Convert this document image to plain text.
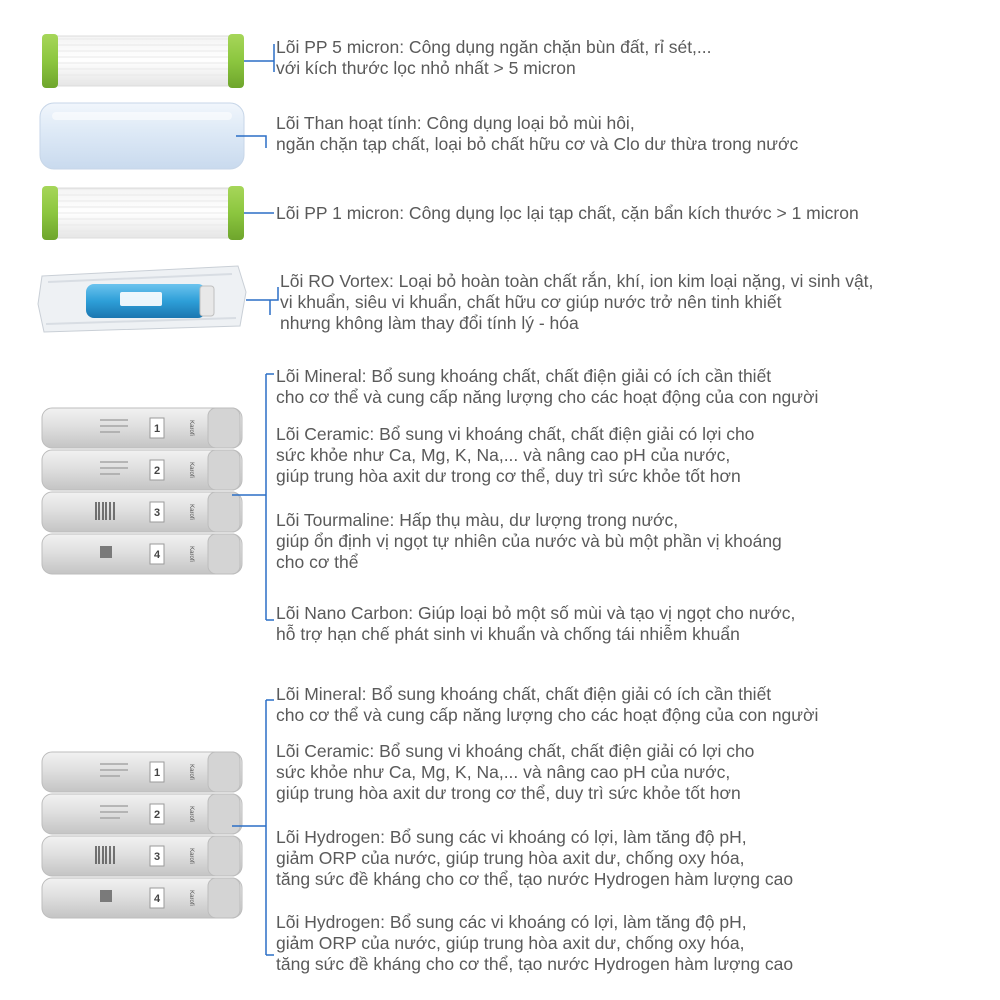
1
2
3
4
1
2
3
4
Karofi
Karofi
Karofi
Karofi
Karofi
Karofi
Karofi
Karofi
Lõi PP 5 micron: Công dụng ngăn chặn bùn đất, rỉ sét,...
với kích thước lọc nhỏ nhất > 5 micron
Lõi Than hoạt tính: Công dụng loại bỏ mùi hôi,
ngăn chặn tạp chất, loại bỏ chất hữu cơ và Clo dư thừa trong nước
Lõi PP 1 micron: Công dụng lọc lại tạp chất, cặn bẩn kích thước > 1 micron
Lõi RO Vortex: Loại bỏ hoàn toàn chất rắn, khí, ion kim loại nặng, vi sinh vật,
vi khuẩn, siêu vi khuẩn, chất hữu cơ giúp nước trở nên tinh khiết
nhưng không làm thay đổi tính lý - hóa
Lõi Mineral: Bổ sung khoáng chất, chất điện giải có ích cần thiết
cho cơ thể và cung cấp năng lượng cho các hoạt động của con người
Lõi Ceramic: Bổ sung vi khoáng chất, chất điện giải có lợi cho
sức khỏe như Ca, Mg, K, Na,... và nâng cao pH của nước,
giúp trung hòa axit dư trong cơ thể, duy trì sức khỏe tốt hơn
Lõi Tourmaline: Hấp thụ màu, dư lượng trong nước,
giúp ổn định vị ngọt tự nhiên của nước và bù một phần vị khoáng
cho cơ thể
Lõi Nano Carbon: Giúp loại bỏ một số mùi và tạo vị ngọt cho nước,
hỗ trợ hạn chế phát sinh vi khuẩn và chống tái nhiễm khuẩn
Lõi Mineral: Bổ sung khoáng chất, chất điện giải có ích cần thiết
cho cơ thể và cung cấp năng lượng cho các hoạt động của con người
Lõi Ceramic: Bổ sung vi khoáng chất, chất điện giải có lợi cho
sức khỏe như Ca, Mg, K, Na,... và nâng cao pH của nước,
giúp trung hòa axit dư trong cơ thể, duy trì sức khỏe tốt hơn
Lõi Hydrogen: Bổ sung các vi khoáng có lợi, làm tăng độ pH,
giảm ORP của nước, giúp trung hòa axit dư, chống oxy hóa,
tăng sức đề kháng cho cơ thể, tạo nước Hydrogen hàm lượng cao
Lõi Hydrogen: Bổ sung các vi khoáng có lợi, làm tăng độ pH,
giảm ORP của nước, giúp trung hòa axit dư, chống oxy hóa,
tăng sức đề kháng cho cơ thể, tạo nước Hydrogen hàm lượng cao
